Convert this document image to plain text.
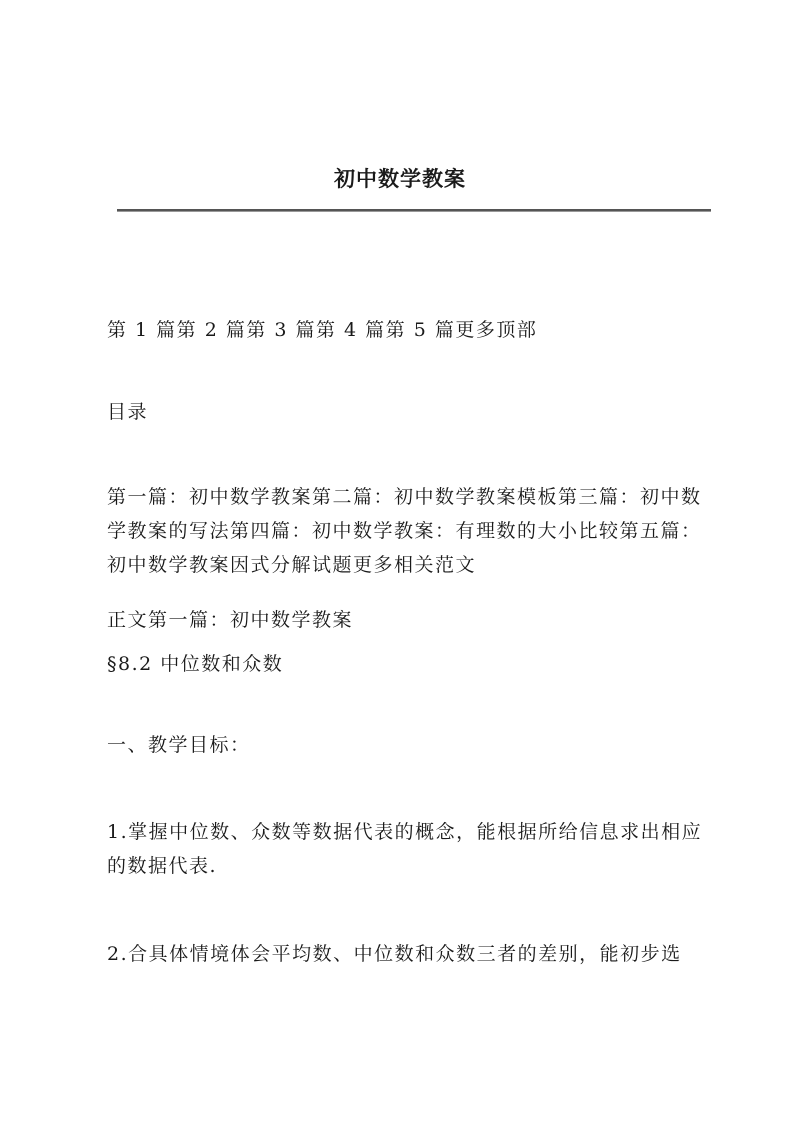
初中数学教案

第 1 篇第 2 篇第 3 篇第 4 篇第 5 篇更多顶部

目录

第一篇：初中数学教案第二篇：初中数学教案模板第三篇：初中数学教案的写法第四篇：初中数学教案：有理数的大小比较第五篇：初中数学教案因式分解试题更多相关范文

正文第一篇：初中数学教案

§8.2 中位数和众数

一、教学目标：

1.掌握中位数、众数等数据代表的概念，能根据所给信息求出相应的数据代表.

2.合具体情境体会平均数、中位数和众数三者的差别，能初步选
